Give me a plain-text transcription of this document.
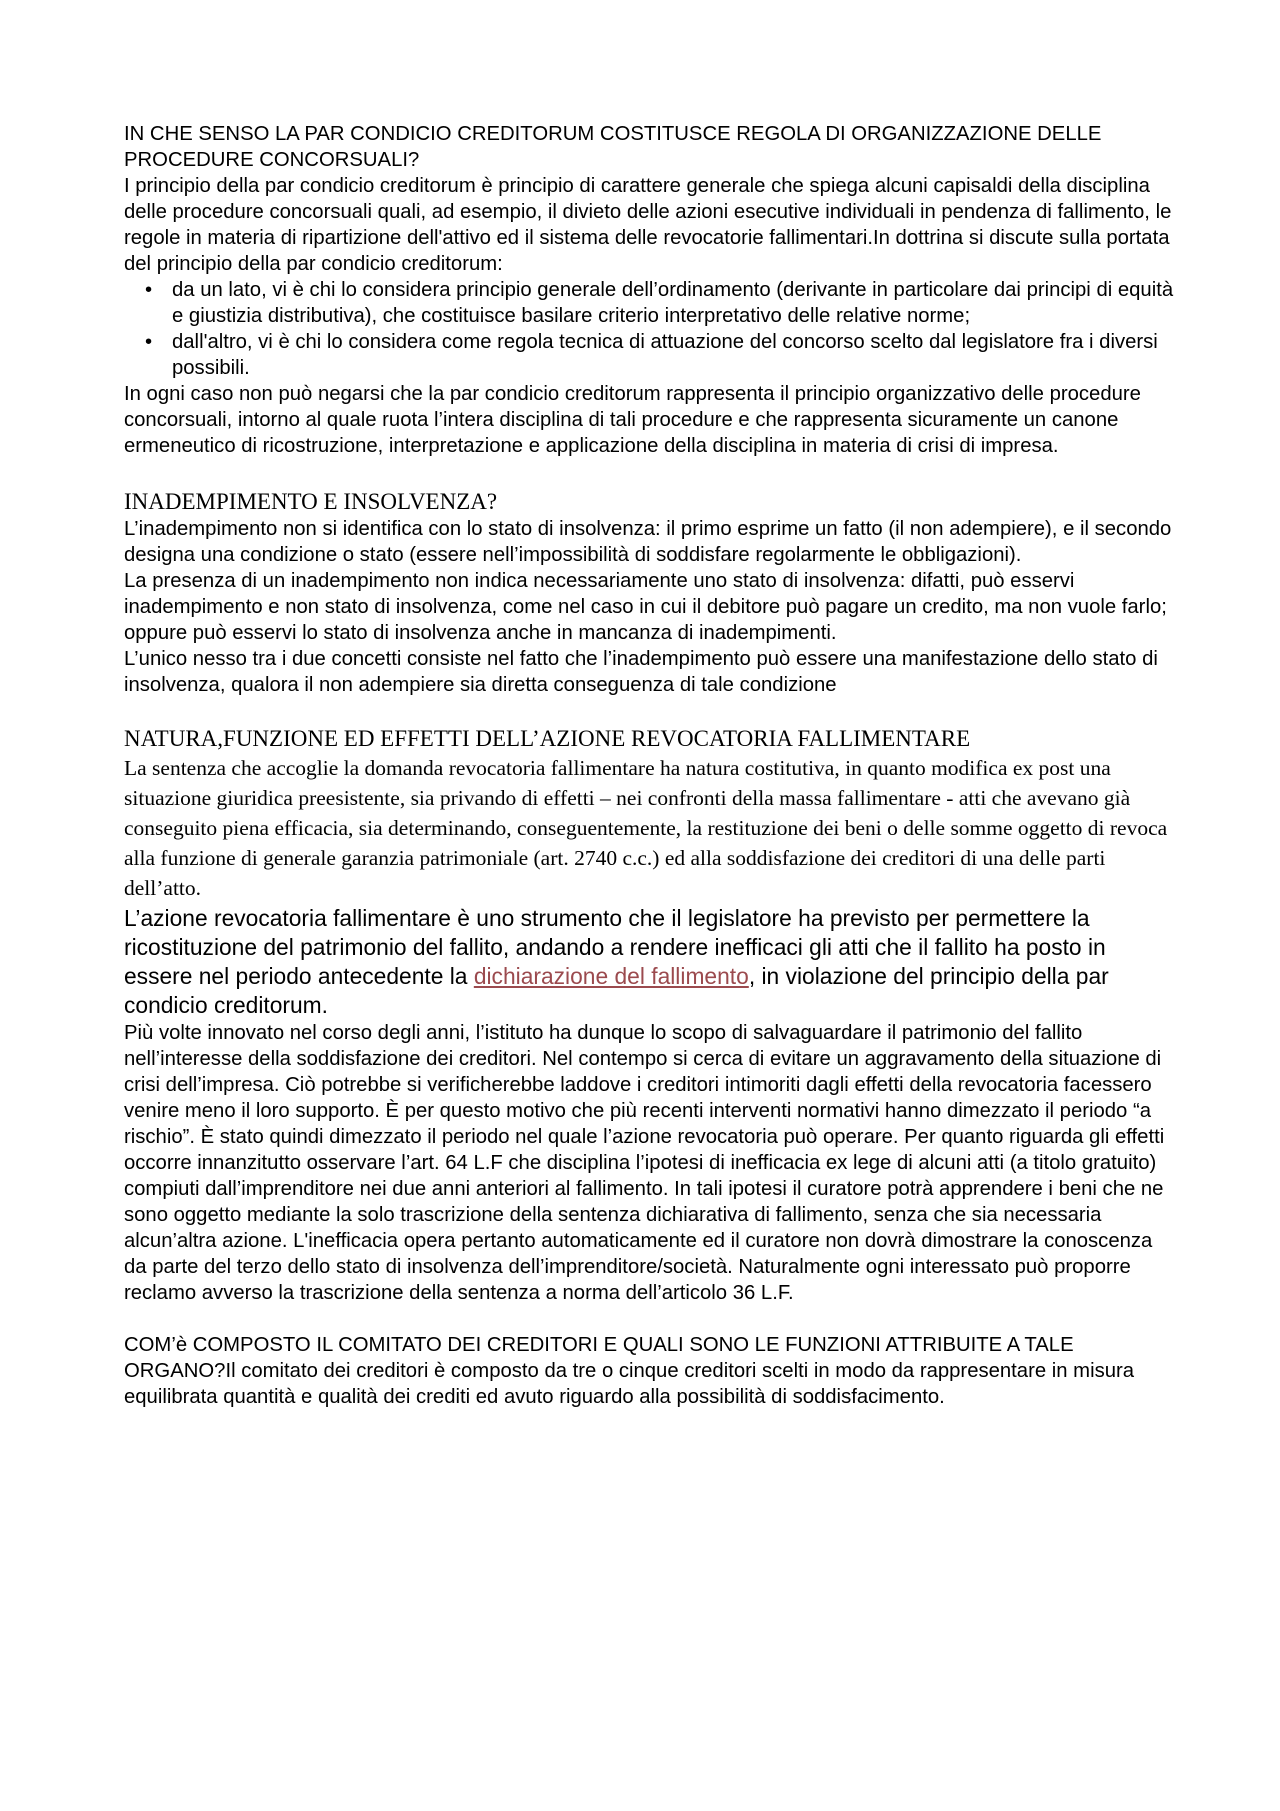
IN CHE SENSO LA PAR CONDICIO CREDITORUM COSTITUSCE REGOLA DI ORGANIZZAZIONE DELLE PROCEDURE CONCORSUALI?

I principio della par condicio creditorum è principio di carattere generale che spiega alcuni capisaldi della disciplina delle procedure concorsuali quali, ad esempio, il divieto delle azioni esecutive individuali in pendenza di fallimento, le regole in materia di ripartizione dell'attivo ed il sistema delle revocatorie fallimentari.In dottrina si discute sulla portata del principio della par condicio creditorum:

• da un lato, vi è chi lo considera principio generale dell’ordinamento (derivante in particolare dai principi di equità e giustizia distributiva), che costituisce basilare criterio interpretativo delle relative norme;
• dall'altro, vi è chi lo considera come regola tecnica di attuazione del concorso scelto dal legislatore fra i diversi possibili.

In ogni caso non può negarsi che la par condicio creditorum rappresenta il principio organizzativo delle procedure concorsuali, intorno al quale ruota l’intera disciplina di tali procedure e che rappresenta sicuramente un canone ermeneutico di ricostruzione, interpretazione e applicazione della disciplina in materia di crisi di impresa.

INADEMPIMENTO E INSOLVENZA?

L’inadempimento non si identifica con lo stato di insolvenza: il primo esprime un fatto (il non adempiere), e il secondo designa una condizione o stato (essere nell’impossibilità di soddisfare regolarmente le obbligazioni).

La presenza di un inadempimento non indica necessariamente uno stato di insolvenza: difatti, può esservi inadempimento e non stato di insolvenza, come nel caso in cui il debitore può pagare un credito, ma non vuole farlo; oppure può esservi lo stato di insolvenza anche in mancanza di inadempimenti.

L’unico nesso tra i due concetti consiste nel fatto che l’inadempimento può essere una manifestazione dello stato di insolvenza, qualora il non adempiere sia diretta conseguenza di tale condizione

NATURA,FUNZIONE ED EFFETTI DELL’AZIONE REVOCATORIA FALLIMENTARE

La sentenza che accoglie la domanda revocatoria fallimentare ha natura costitutiva, in quanto modifica ex post una situazione giuridica preesistente, sia privando di effetti – nei confronti della massa fallimentare - atti che avevano già conseguito piena efficacia, sia determinando, conseguentemente, la restituzione dei beni o delle somme oggetto di revoca alla funzione di generale garanzia patrimoniale (art. 2740 c.c.) ed alla soddisfazione dei creditori di una delle parti dell’atto.

L’azione revocatoria fallimentare è uno strumento che il legislatore ha previsto per permettere la ricostituzione del patrimonio del fallito, andando a rendere inefficaci gli atti che il fallito ha posto in essere nel periodo antecedente la dichiarazione del fallimento, in violazione del principio della par condicio creditorum.

Più volte innovato nel corso degli anni, l’istituto ha dunque lo scopo di salvaguardare il patrimonio del fallito nell’interesse della soddisfazione dei creditori. Nel contempo si cerca di evitare un aggravamento della situazione di crisi dell’impresa. Ciò potrebbe si verificherebbe laddove i creditori intimoriti dagli effetti della revocatoria facessero venire meno il loro supporto. È per questo motivo che più recenti interventi normativi hanno dimezzato il periodo “a rischio”. È stato quindi dimezzato il periodo nel quale l’azione revocatoria può operare. Per quanto riguarda gli effetti occorre innanzitutto osservare l’art. 64 L.F che disciplina l’ipotesi di inefficacia ex lege di alcuni atti (a titolo gratuito) compiuti dall’imprenditore nei due anni anteriori al fallimento. In tali ipotesi il curatore potrà apprendere i beni che ne sono oggetto mediante la solo trascrizione della sentenza dichiarativa di fallimento, senza che sia necessaria alcun’altra azione. L'inefficacia opera pertanto automaticamente ed il curatore non dovrà dimostrare la conoscenza da parte del terzo dello stato di insolvenza dell’imprenditore/società. Naturalmente ogni interessato può proporre reclamo avverso la trascrizione della sentenza a norma dell’articolo 36 L.F.

COM’è COMPOSTO IL COMITATO DEI CREDITORI E QUALI SONO LE FUNZIONI ATTRIBUITE A TALE ORGANO?Il comitato dei creditori è composto da tre o cinque creditori scelti in modo da rappresentare in misura equilibrata quantità e qualità dei crediti ed avuto riguardo alla possibilità di soddisfacimento.
